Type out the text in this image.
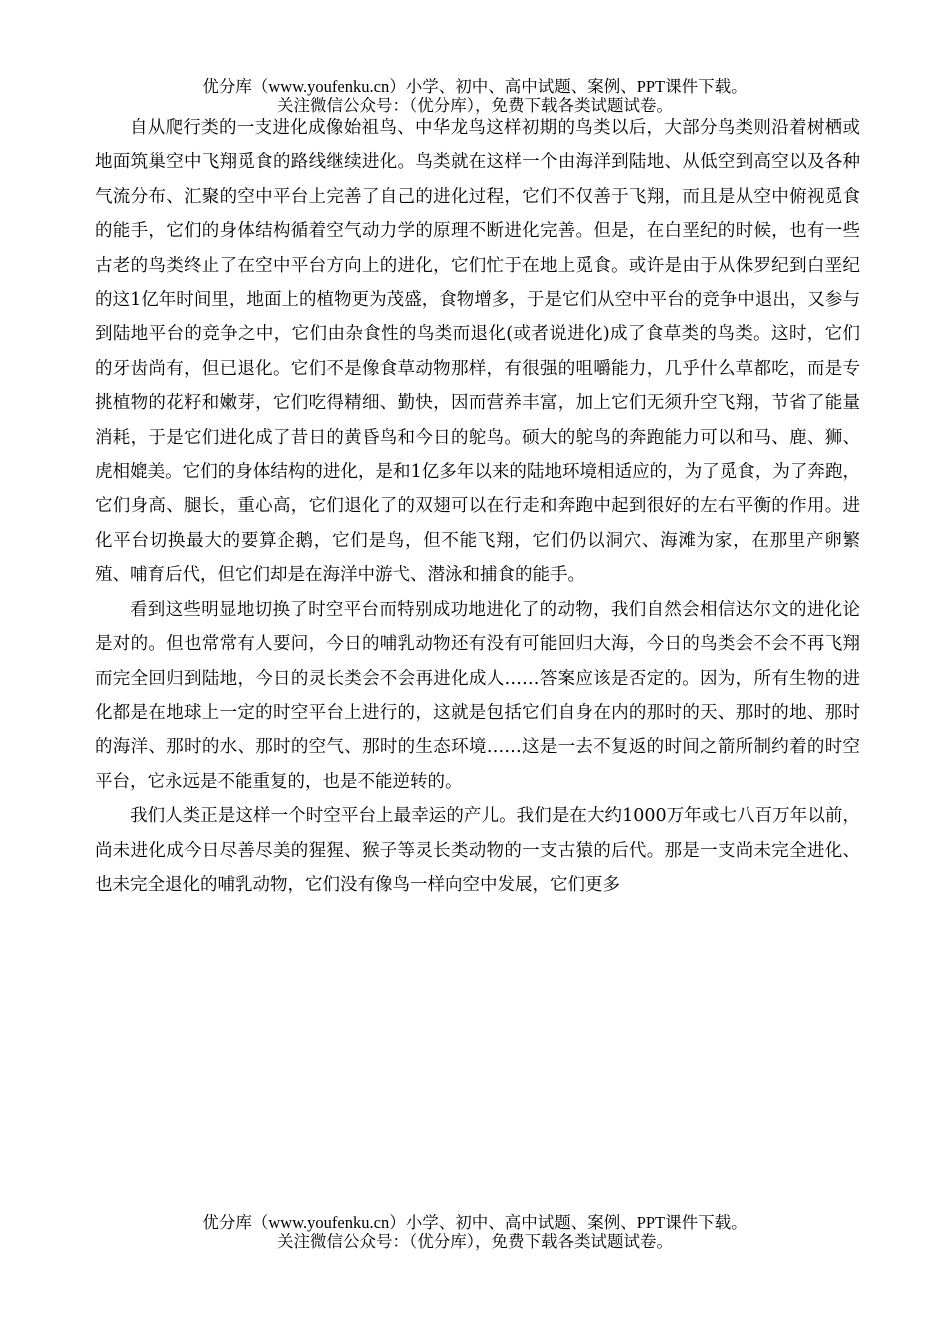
优分库（www.youfenku.cn）小学、初中、高中试题、案例、PPT课件下载。
关注微信公众号：（优分库），免费下载各类试题试卷。

自从爬行类的一支进化成像始祖鸟、中华龙鸟这样初期的鸟类以后，大部分鸟类则沿着树栖或地面筑巢空中飞翔觅食的路线继续进化。鸟类就在这样一个由海洋到陆地、从低空到高空以及各种气流分布、汇聚的空中平台上完善了自己的进化过程，它们不仅善于飞翔，而且是从空中俯视觅食的能手，它们的身体结构循着空气动力学的原理不断进化完善。但是，在白垩纪的时候，也有一些古老的鸟类终止了在空中平台方向上的进化，它们忙于在地上觅食。或许是由于从侏罗纪到白垩纪的这1亿年时间里，地面上的植物更为茂盛，食物增多，于是它们从空中平台的竞争中退出，又参与到陆地平台的竞争之中，它们由杂食性的鸟类而退化(或者说进化)成了食草类的鸟类。这时，它们的牙齿尚有，但已退化。它们不是像食草动物那样，有很强的咀嚼能力，几乎什么草都吃，而是专挑植物的花籽和嫩芽，它们吃得精细、勤快，因而营养丰富，加上它们无须升空飞翔，节省了能量消耗，于是它们进化成了昔日的黄昏鸟和今日的鸵鸟。硕大的鸵鸟的奔跑能力可以和马、鹿、狮、虎相媲美。它们的身体结构的进化，是和1亿多年以来的陆地环境相适应的，为了觅食，为了奔跑，它们身高、腿长，重心高，它们退化了的双翅可以在行走和奔跑中起到很好的左右平衡的作用。进化平台切换最大的要算企鹅，它们是鸟，但不能飞翔，它们仍以洞穴、海滩为家，在那里产卵繁殖、哺育后代，但它们却是在海洋中游弋、潜泳和捕食的能手。

看到这些明显地切换了时空平台而特别成功地进化了的动物，我们自然会相信达尔文的进化论是对的。但也常常有人要问，今日的哺乳动物还有没有可能回归大海，今日的鸟类会不会不再飞翔而完全回归到陆地，今日的灵长类会不会再进化成人……答案应该是否定的。因为，所有生物的进化都是在地球上一定的时空平台上进行的，这就是包括它们自身在内的那时的天、那时的地、那时的海洋、那时的水、那时的空气、那时的生态环境……这是一去不复返的时间之箭所制约着的时空平台，它永远是不能重复的，也是不能逆转的。

我们人类正是这样一个时空平台上最幸运的产儿。我们是在大约1000万年或七八百万年以前，尚未进化成今日尽善尽美的猩猩、猴子等灵长类动物的一支古猿的后代。那是一支尚未完全进化、也未完全退化的哺乳动物，它们没有像鸟一样向空中发展，它们更多

优分库（www.youfenku.cn）小学、初中、高中试题、案例、PPT课件下载。
关注微信公众号：（优分库），免费下载各类试题试卷。
